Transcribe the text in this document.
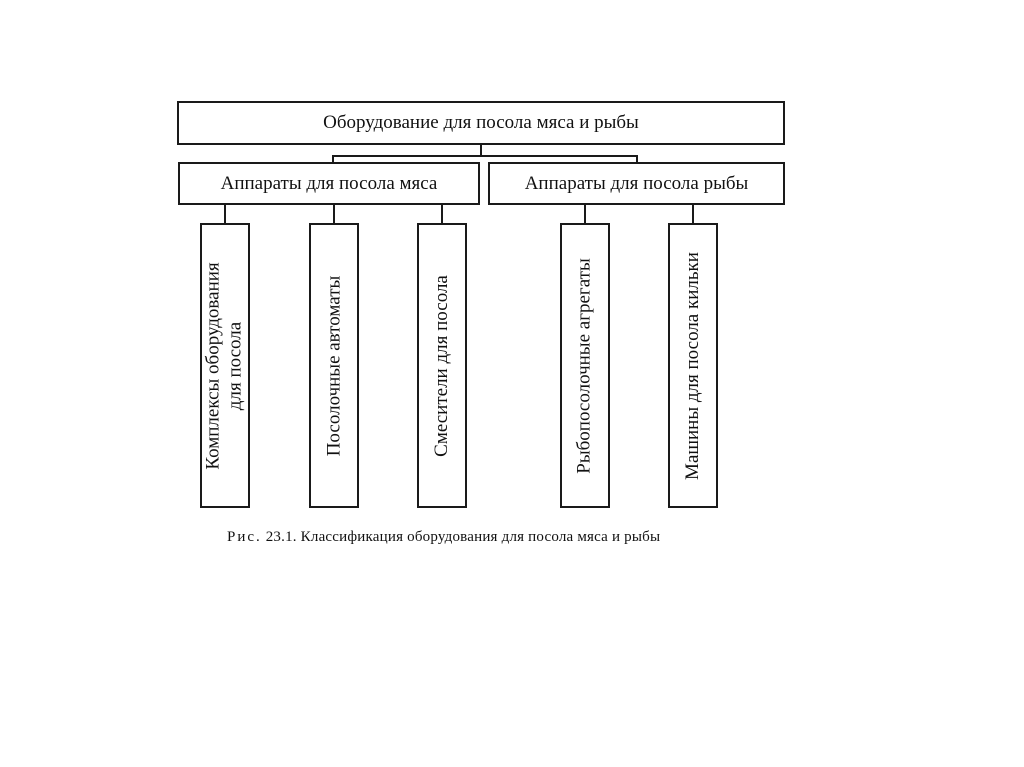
Оборудование для посола мяса и рыбы
Аппараты для посола мяса	Аппараты для посола рыбы
Комплексы оборудования для посола	Посолочные автоматы	Смесители для посола	Рыбопосолочные агрегаты	Машины для посола кильки
Рис. 23.1. Классификация оборудования для посола мяса и рыбы
